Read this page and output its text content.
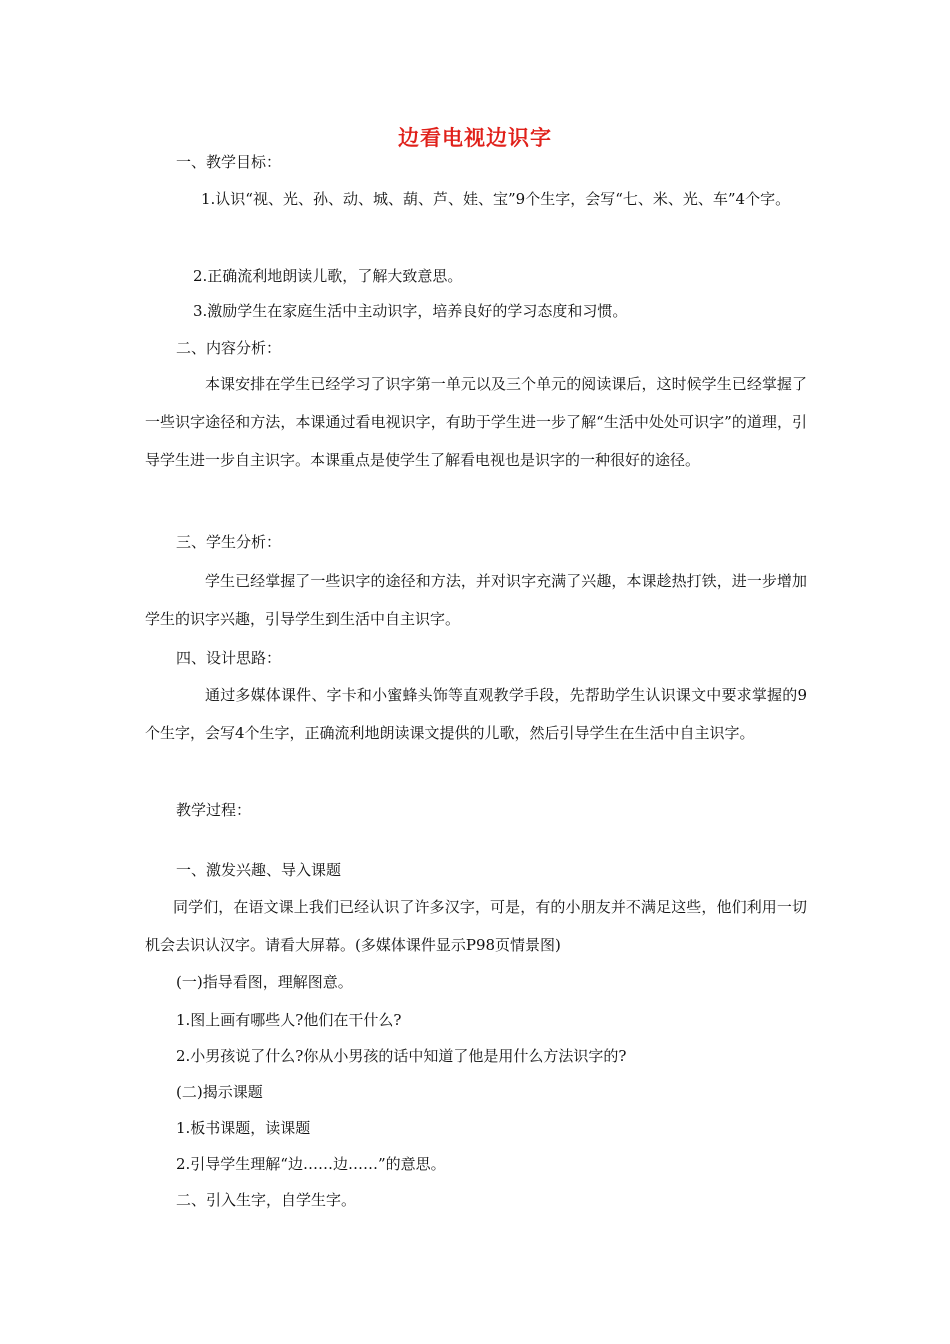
边看电视边识字
一、教学目标：
1.认识“视、光、孙、动、城、葫、芦、娃、宝”9个生字，会写“七、米、光、车”4个字。
2.正确流利地朗读儿歌，了解大致意思。
3.激励学生在家庭生活中主动识字，培养良好的学习态度和习惯。
二、内容分析：
本课安排在学生已经学习了识字第一单元以及三个单元的阅读课后，这时候学生已经掌握了一些识字途径和方法，本课通过看电视识字，有助于学生进一步了解“生活中处处可识字”的道理，引导学生进一步自主识字。本课重点是使学生了解看电视也是识字的一种很好的途径。
三、学生分析：
学生已经掌握了一些识字的途径和方法，并对识字充满了兴趣，本课趁热打铁，进一步增加学生的识字兴趣，引导学生到生活中自主识字。
四、设计思路：
通过多媒体课件、字卡和小蜜蜂头饰等直观教学手段，先帮助学生认识课文中要求掌握的9个生字，会写4个生字，正确流利地朗读课文提供的儿歌，然后引导学生在生活中自主识字。
教学过程：
一、激发兴趣、导入课题
同学们，在语文课上我们已经认识了许多汉字，可是，有的小朋友并不满足这些，他们利用一切机会去识认汉字。请看大屏幕。(多媒体课件显示P98页情景图)
(一)指导看图，理解图意。
1.图上画有哪些人?他们在干什么?
2.小男孩说了什么?你从小男孩的话中知道了他是用什么方法识字的?
(二)揭示课题
1.板书课题，读课题
2.引导学生理解“边……边……”的意思。
二、引入生字，自学生字。
